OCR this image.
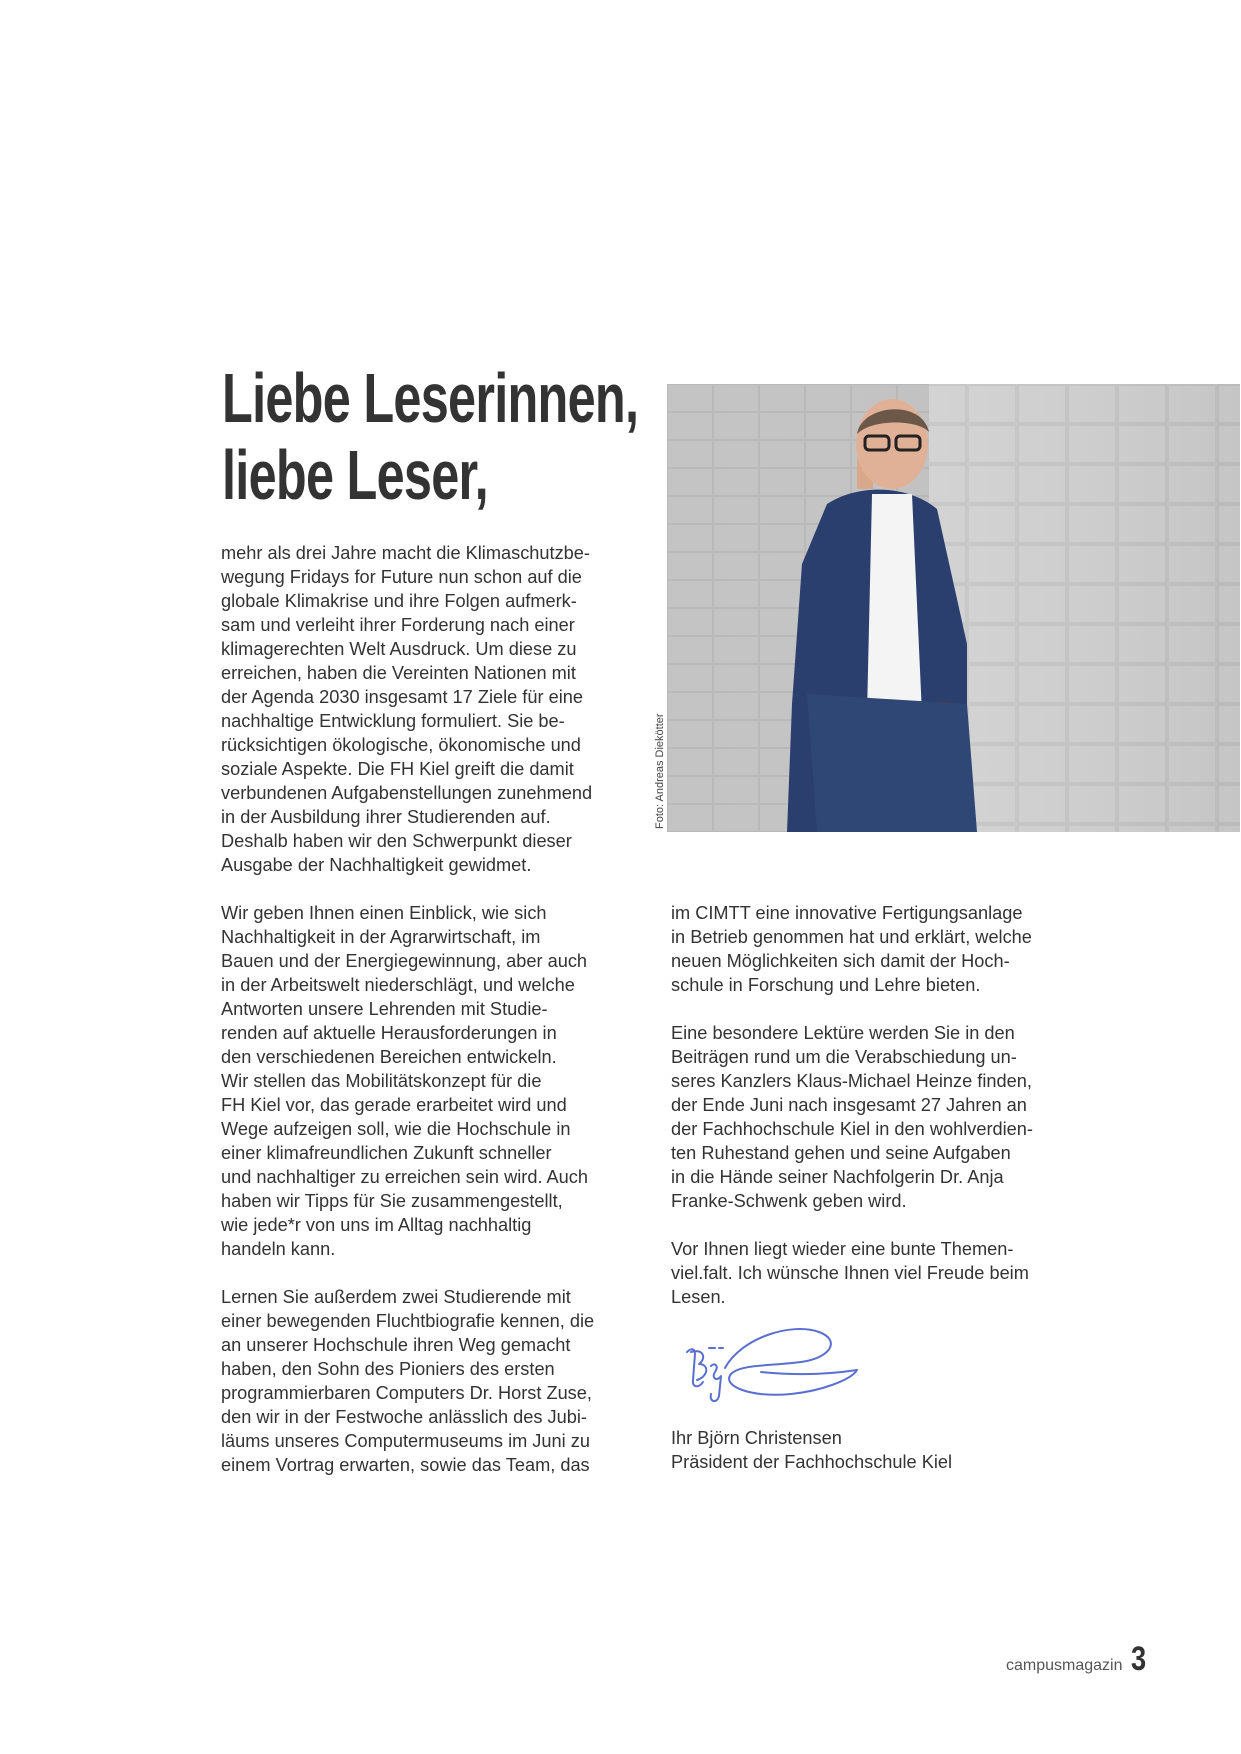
Liebe Leserinnen,
liebe Leser,

mehr als drei Jahre macht die Klimaschutzbe-
wegung Fridays for Future nun schon auf die
globale Klimakrise und ihre Folgen aufmerk-
sam und verleiht ihrer Forderung nach einer
klimagerechten Welt Ausdruck. Um diese zu
erreichen, haben die Vereinten Nationen mit
der Agenda 2030 insgesamt 17 Ziele für eine
nachhaltige Entwicklung formuliert. Sie be-
rücksichtigen ökologische, ökonomische und
soziale Aspekte. Die FH Kiel greift die damit
verbundenen Aufgabenstellungen zunehmend
in der Ausbildung ihrer Studierenden auf.
Deshalb haben wir den Schwerpunkt dieser
Ausgabe der Nachhaltigkeit gewidmet.

Foto: Andreas Diekötter

Wir geben Ihnen einen Einblick, wie sich
Nachhaltigkeit in der Agrarwirtschaft, im
Bauen und der Energiegewinnung, aber auch
in der Arbeitswelt niederschlägt, und welche
Antworten unsere Lehrenden mit Studie-
renden auf aktuelle Herausforderungen in
den verschiedenen Bereichen entwickeln.
Wir stellen das Mobilitätskonzept für die
FH Kiel vor, das gerade erarbeitet wird und
Wege aufzeigen soll, wie die Hochschule in
einer klimafreundlichen Zukunft schneller
und nachhaltiger zu erreichen sein wird. Auch
haben wir Tipps für Sie zusammengestellt,
wie jede*r von uns im Alltag nachhaltig
handeln kann.

Lernen Sie außerdem zwei Studierende mit
einer bewegenden Fluchtbiografie kennen, die
an unserer Hochschule ihren Weg gemacht
haben, den Sohn des Pioniers des ersten
programmierbaren Computers Dr. Horst Zuse,
den wir in der Festwoche anlässlich des Jubi-
läums unseres Computermuseums im Juni zu
einem Vortrag erwarten, sowie das Team, das

im CIMTT eine innovative Fertigungsanlage
in Betrieb genommen hat und erklärt, welche
neuen Möglichkeiten sich damit der Hoch-
schule in Forschung und Lehre bieten.

Eine besondere Lektüre werden Sie in den
Beiträgen rund um die Verabschiedung un-
seres Kanzlers Klaus-Michael Heinze finden,
der Ende Juni nach insgesamt 27 Jahren an
der Fachhochschule Kiel in den wohlverdien-
ten Ruhestand gehen und seine Aufgaben
in die Hände seiner Nachfolgerin Dr. Anja
Franke-Schwenk geben wird.

Vor Ihnen liegt wieder eine bunte Themen-
viel.falt. Ich wünsche Ihnen viel Freude beim
Lesen.

Ihr Björn Christensen
Präsident der Fachhochschule Kiel
campusmagazin 3
